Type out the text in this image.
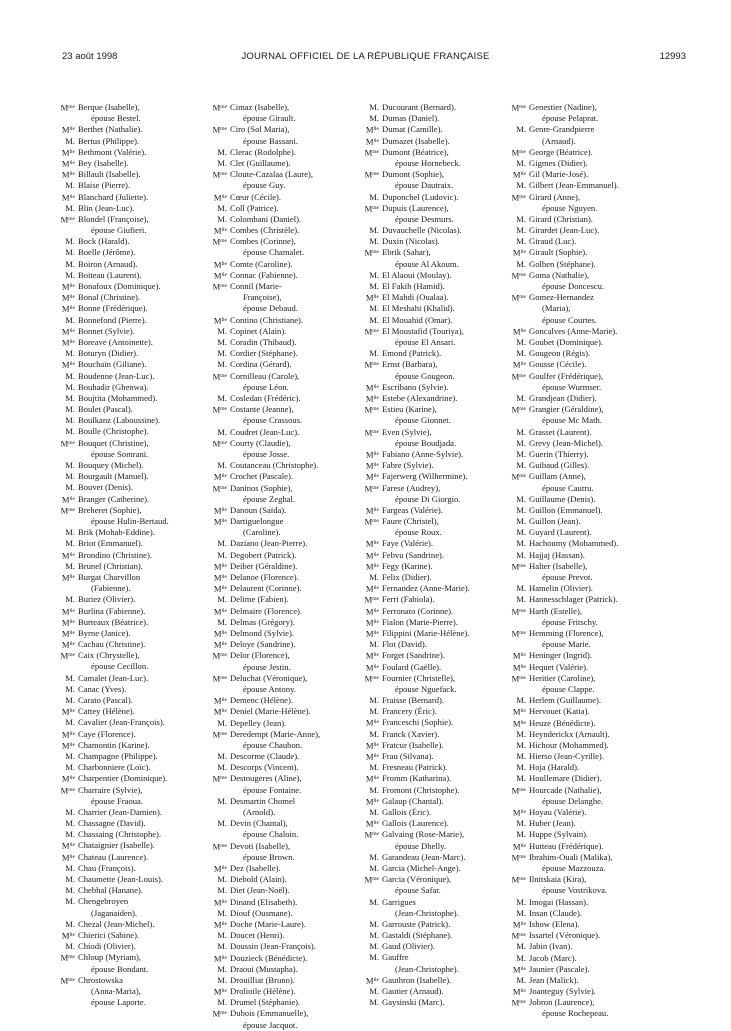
23 août 1998	JOURNAL OFFICIEL DE LA RÉPUBLIQUE FRANÇAISE	12993
$M^{me}$ Berque (Isabelle),
épouse Bestel.
$M^{lle}$ Berthet (Nathalie).
M. Bertus (Philippe).
$M^{lle}$ Bethmont (Valérie).
$M^{lle}$ Bey (Isabelle).
$M^{lle}$ Billault (Isabelle).
M. Blaise (Pierre).
$M^{lle}$ Blanchard (Juliette).
M. Blin (Jean-Luc).
$M^{me}$ Blondel (Françoise),
épouse Giufieri.
M. Bock (Harald).
M. Boelle (Jérôme).
M. Boiron (Arnaud).
M. Boiteau (Laurent).
$M^{lle}$ Bonafoux (Dominique).
$M^{lle}$ Bonal (Christine).
$M^{lle}$ Bonne (Frédérique).
M. Bonnefond (Pierre).
$M^{lle}$ Bonnet (Sylvie).
$M^{lle}$ Boreave (Antoinette).
M. Boturyn (Didier).
$M^{lle}$ Bouchain (Giliane).
M. Boudenne (Jean-Luc).
M. Bouhadir (Ghenwa).
M. Boujtita (Mohammed).
M. Boulet (Pascal).
M. Boulkanz (Laboussine).
M. Boulle (Christophe).
$M^{me}$ Bouquet (Christine),
épouse Somrani.
M. Bouquey (Michel).
M. Bourgault (Manuel).
M. Bouvet (Denis).
$M^{lle}$ Branger (Catherine).
$M^{me}$ Breheret (Sophie),
épouse Hulin-Bertaud.
M. Brik (Mohab-Eddine).
M. Briot (Emmanuel).
$M^{lle}$ Brondino (Christine).
M. Brunel (Christian).
$M^{lle}$ Burgat Charvillon
(Fabienne).
M. Buriez (Olivier).
$M^{lle}$ Burlina (Fabienne).
$M^{lle}$ Burteaux (Béatrice).
$M^{lle}$ Byrne (Janice).
$M^{lle}$ Cachau (Christine).
$M^{me}$ Caix (Chrystelle),
épouse Cecillon.
M. Camalet (Jean-Luc).
M. Canac (Yves).
M. Carato (Pascal).
$M^{lle}$ Cattey (Hélène).
M. Cavalier (Jean-François).
$M^{lle}$ Caye (Florence).
$M^{lle}$ Chamontin (Karine).
M. Champagne (Philippe).
M. Charbonniere (Loïc).
$M^{lle}$ Charpentier (Dominique).
$M^{me}$ Charraire (Sylvie),
épouse Fraoua.
M. Charrier (Jean-Damien).
M. Chassagne (David).
M. Chassaing (Christophe).
$M^{lle}$ Chataignier (Isabelle).
$M^{lle}$ Chateau (Laurence).
M. Chau (François).
M. Chaumette (Jean-Louis).
M. Chebhal (Hanane).
M. Chengebroyen
(Jaganaiden).
M. Chezal (Jean-Michel).
$M^{lle}$ Chierici (Sabine).
M. Chiodi (Olivier).
$M^{me}$ Chloup (Myriam),
épouse Bondant.
$M^{me}$ Chrostowska
(Anna-Maria),
épouse Laporte.
$M^{me}$ Cimaz (Isabelle),
épouse Girault.
$M^{me}$ Ciro (Sol Maria),
épouse Bassani.
M. Clerac (Rodolphe).
M. Clet (Guillaume).
$M^{me}$ Cloute-Cazalaa (Laure),
épouse Guy.
$M^{lle}$ Cœur (Cécile).
M. Coll (Patrice).
M. Colombani (Daniel).
$M^{lle}$ Combes (Christèle).
$M^{me}$ Combes (Corinne),
épouse Chamalet.
$M^{lle}$ Comte (Caroline).
$M^{lle}$ Connac (Fabienne).
$M^{me}$ Connil (Marie-
Françoise),
épouse Debaud.
$M^{lle}$ Contino (Christiane).
M. Copinet (Alain).
M. Coradin (Thibaud).
M. Cordier (Stéphane).
M. Cordina (Gérard).
$M^{me}$ Cornilleau (Carole),
épouse Léon.
M. Cosledan (Frédéric).
$M^{me}$ Costante (Jeanne),
épouse Crassous.
M. Coudret (Jean-Luc).
$M^{me}$ Courty (Claudie),
épouse Josse.
M. Coutanceau (Christophe).
$M^{lle}$ Crochet (Pascale).
$M^{me}$ Daninos (Sophie),
épouse Zeghal.
$M^{lle}$ Danoun (Saïda).
$M^{lle}$ Dartiguelongue
(Caroline).
M. Daziano (Jean-Pierre).
M. Degobert (Patrick).
$M^{lle}$ Deiber (Géraldine).
$M^{lle}$ Delanoe (Florence).
$M^{lle}$ Delaurent (Corinne).
M. Delime (Fabien).
$M^{lle}$ Delmaire (Florence).
M. Delmas (Grégory).
$M^{lle}$ Delmond (Sylvie).
$M^{lle}$ Deloye (Sandrine).
$M^{me}$ Delor (Florence),
épouse Jestin.
$M^{me}$ Deluchat (Véronique),
épouse Antony.
$M^{lle}$ Demenc (Hélène).
$M^{lle}$ Deniel (Marie-Hélène).
M. Depelley (Jean).
$M^{me}$ Deredempt (Marie-Anne),
épouse Chaubon.
M. Descorme (Claude).
M. Descorps (Vincent).
$M^{me}$ Destougeres (Aline),
épouse Fontaine.
M. Desmartin Chomel
(Arnold).
M. Devin (Chantal),
épouse Chaloin.
$M^{me}$ Devoti (Isabelle),
épouse Brown.
$M^{lle}$ Dez (Isabelle).
M. Diebold (Alain).
M. Diet (Jean-Noël).
$M^{lle}$ Dinand (Elisabeth).
M. Diouf (Ousmane).
$M^{lle}$ Doche (Marie-Laure).
M. Doucet (Henri).
M. Doussin (Jean-François).
$M^{lle}$ Douzieck (Bénédicte).
M. Draoui (Mustapha).
M. Drouilliat (Bruno).
$M^{lle}$ Drolioile (Hélène).
M. Drumel (Stéphanie).
$M^{me}$ Dubois (Emmanuelle),
épouse Jacquot.
M. Ducourant (Bernard).
M. Dumas (Daniel).
$M^{lle}$ Dumat (Camille).
$M^{lle}$ Dumazet (Isabelle).
$M^{me}$ Dumont (Béatrice),
épouse Hornebeck.
$M^{me}$ Dumont (Sophie),
épouse Dautraix.
M. Duponchel (Ludovic).
$M^{me}$ Dupuis (Laurence),
épouse Desmurs.
M. Duvauchelle (Nicolas).
M. Duxin (Nicolas).
$M^{me}$ Ebrik (Sahar),
épouse Al Akoum.
M. El Alaoui (Moulay).
M. El Fakih (Hamid).
$M^{lle}$ El Mahdi (Oualaa).
M. El Meshahi (Khalid).
M. El Mouahid (Omar).
$M^{me}$ El Moustafid (Touriya),
épouse El Ansari.
M. Emond (Patrick).
$M^{me}$ Ernst (Barbara),
épouse Gougeon.
$M^{lle}$ Escribano (Sylvie).
$M^{lle}$ Estebe (Alexandrine).
$M^{me}$ Estieu (Karine),
épouse Gionnet.
$M^{me}$ Even (Sylvie),
épouse Boudjada.
$M^{lle}$ Fabiano (Anne-Sylvie).
$M^{lle}$ Fabre (Sylvie).
$M^{lle}$ Fajerwerg (Wilhermine).
$M^{me}$ Farese (Audrey),
épouse Di Giorgio.
$M^{lle}$ Fargeas (Valérie).
$M^{me}$ Faure (Christel),
épouse Roux.
$M^{lle}$ Faye (Valérie).
$M^{lle}$ Febvu (Sandrine).
$M^{lle}$ Fegy (Karine).
M. Felix (Didier).
$M^{lle}$ Fernandez (Anne-Marie).
$M^{me}$ Ferri (Fabiola).
$M^{lle}$ Ferronato (Corinne).
$M^{lle}$ Fialon (Marie-Pierre).
$M^{lle}$ Filippini (Marie-Hélène).
M. Flot (David).
$M^{lle}$ Forget (Sandrine).
$M^{lle}$ Foulard (Gaëlle).
$M^{me}$ Fournier (Christelle),
épouse Nguefack.
M. Fraisse (Bernard).
M. Francery (Éric).
$M^{lle}$ Franceschi (Sophie).
M. Franck (Xavier).
$M^{lle}$ Fratcur (Isabelle).
$M^{lle}$ Frau (Silvana).
M. Fresneau (Patrick).
$M^{lle}$ Fromm (Katharina).
M. Fromont (Christophe).
$M^{lle}$ Galaup (Chantal).
M. Gallois (Éric).
$M^{lle}$ Gallois (Laurence).
$M^{me}$ Galvaing (Rose-Marie),
épouse Dhelly.
M. Garandeau (Jean-Marc).
M. Garcia (Michel-Ange).
$M^{me}$ Garcia (Véronique),
épouse Safar.
M. Garrigues
(Jean-Christophe).
M. Garrouste (Patrick).
M. Gastaldi (Stéphane).
M. Gaud (Olivier).
M. Gauffre
(Jean-Christophe).
$M^{lle}$ Gauthron (Isabelle).
M. Gautier (Arnaud).
M. Gaysinski (Marc).
$M^{me}$ Genestier (Nadine),
épouse Pelaprat.
M. Genre-Grandpierre
(Arnaud).
$M^{me}$ George (Béatrice).
M. Gigmes (Didier).
$M^{lle}$ Gil (Marie-José).
M. Gilbert (Jean-Emmanuel).
$M^{me}$ Girard (Anne),
épouse Nguyen.
M. Girard (Christian).
M. Girardet (Jean-Luc).
M. Giraud (Luc).
$M^{lle}$ Girault (Sophie).
M. Golhen (Stéphane).
$M^{me}$ Goma (Nathalie),
épouse Doncescu.
$M^{me}$ Gomez-Hernandez
(Maria),
épouse Courtes.
$M^{lle}$ Goncalves (Anne-Marie).
M. Goubet (Dominique).
M. Gougeon (Régis).
$M^{lle}$ Gousse (Cécile).
$M^{me}$ Goulfer (Frédérique),
épouse Wurmser.
M. Grandjean (Didier).
$M^{me}$ Grangier (Géraldine),
épouse Mc Math.
M. Grasset (Laurent).
M. Grevy (Jean-Michel).
M. Guerin (Thierry).
M. Guibaud (Gilles).
$M^{me}$ Guillam (Anne),
épouse Cautru.
M. Guillaume (Denis).
M. Guillon (Emmanuel).
M. Guillon (Jean).
M. Guyard (Laurent).
M. Hachoumy (Mohammed).
M. Hajjaj (Hassan).
$M^{me}$ Halter (Isabelle),
épouse Prevot.
M. Hamelin (Olivier).
M. Hannesschlager (Patrick).
$M^{me}$ Harth (Estelle),
épouse Fritschy.
$M^{me}$ Hemming (Florence),
épouse Marie.
$M^{lle}$ Heninger (Ingrid).
$M^{lle}$ Hequet (Valérie).
$M^{me}$ Heritier (Caroline),
épouse Clappe.
M. Herlem (Guillaume).
$M^{lle}$ Hervouet (Katia).
$M^{lle}$ Heuze (Bénédicte).
M. Heynderickx (Arnault).
M. Hichour (Mohammed).
M. Hierso (Jean-Cyrille).
M. Hoja (Harald).
M. Houllemare (Didier).
$M^{me}$ Hourcade (Nathalie),
épouse Delanghe.
$M^{lle}$ Hoyau (Valérie).
M. Huber (Jean).
M. Huppe (Sylvain).
$M^{lle}$ Hutteau (Frédérique).
$M^{me}$ Ibrahim-Ouali (Malika),
épouse Mazzouza.
$M^{me}$ Ilnitskaia (Kira),
épouse Vostrikova.
M. Imogai (Hassan).
M. Insan (Claude).
$M^{lle}$ Ishow (Elena).
$M^{me}$ Issartel (Véronique).
M. Jabin (Ivan).
M. Jacob (Marc).
$M^{lle}$ Jaunier (Pascale).
M. Jean (Malick).
$M^{lle}$ Joanteguy (Sylvie).
$M^{me}$ Jobron (Laurence),
épouse Rochepeau.
